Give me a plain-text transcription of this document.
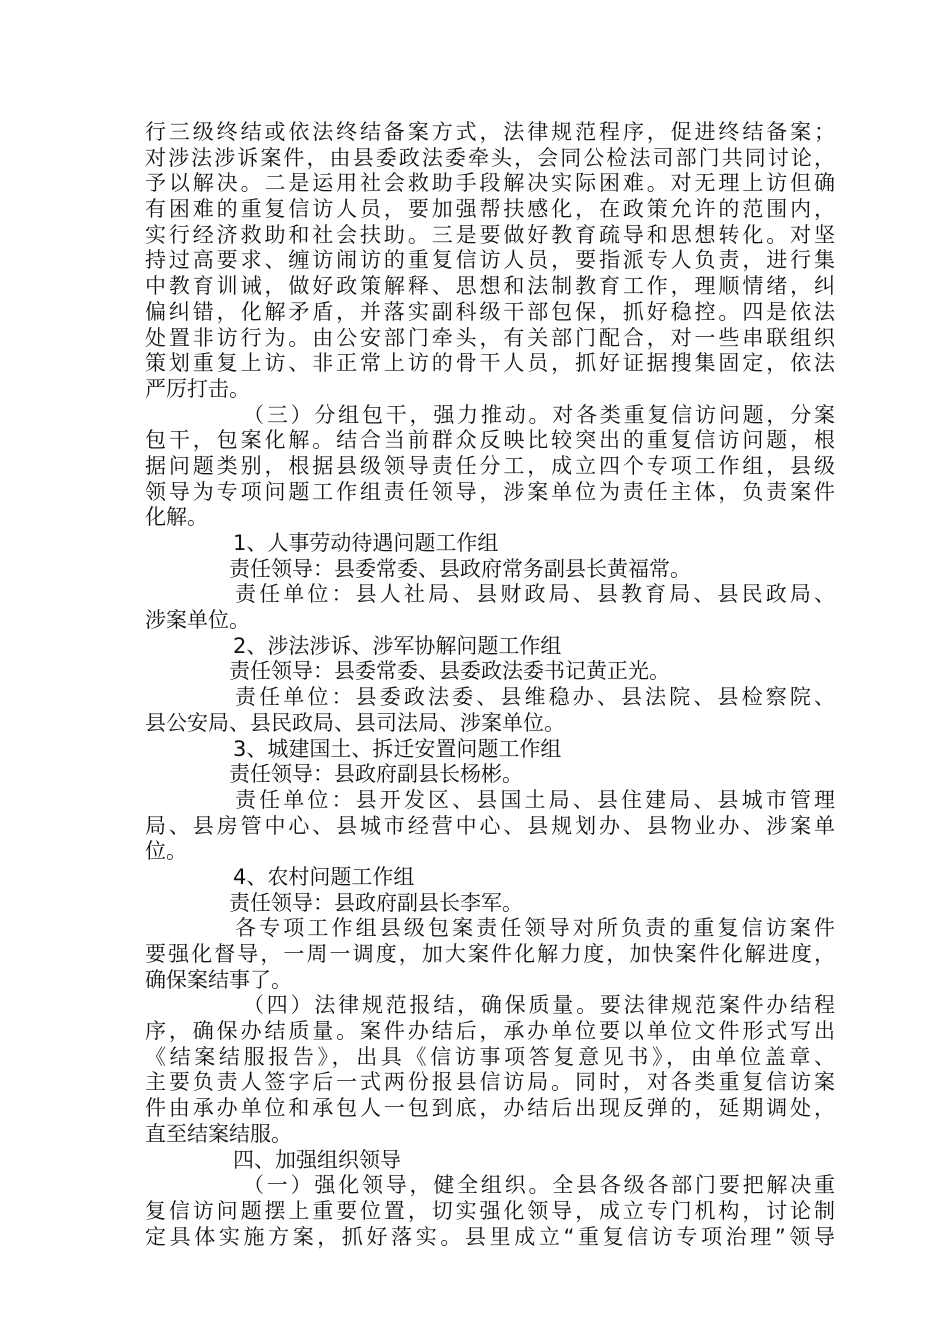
行三级终结或依法终结备案方式，法律规范程序，促进终结备案；
对涉法涉诉案件，由县委政法委牵头，会同公检法司部门共同讨论，
予以解决。二是运用社会救助手段解决实际困难。对无理上访但确
有困难的重复信访人员，要加强帮扶感化，在政策允许的范围内，
实行经济救助和社会扶助。三是要做好教育疏导和思想转化。对坚
持过高要求、缠访闹访的重复信访人员，要指派专人负责，进行集
中教育训诫，做好政策解释、思想和法制教育工作，理顺情绪，纠
偏纠错，化解矛盾，并落实副科级干部包保，抓好稳控。四是依法
处置非访行为。由公安部门牵头，有关部门配合，对一些串联组织
策划重复上访、非正常上访的骨干人员，抓好证据搜集固定，依法
严厉打击。
（三）分组包干，强力推动。对各类重复信访问题，分案
包干，包案化解。结合当前群众反映比较突出的重复信访问题，根
据问题类别，根据县级领导责任分工，成立四个专项工作组，县级
领导为专项问题工作组责任领导，涉案单位为责任主体，负责案件
化解。
1、人事劳动待遇问题工作组
责任领导：县委常委、县政府常务副县长黄福常。
责任单位：县人社局、县财政局、县教育局、县民政局、
涉案单位。
2、涉法涉诉、涉军协解问题工作组
责任领导：县委常委、县委政法委书记黄正光。
责任单位：县委政法委、县维稳办、县法院、县检察院、
县公安局、县民政局、县司法局、涉案单位。
3、城建国土、拆迁安置问题工作组
责任领导：县政府副县长杨彬。
责任单位：县开发区、县国土局、县住建局、县城市管理
局、县房管中心、县城市经营中心、县规划办、县物业办、涉案单
位。
4、农村问题工作组
责任领导：县政府副县长李军。
各专项工作组县级包案责任领导对所负责的重复信访案件
要强化督导，一周一调度，加大案件化解力度，加快案件化解进度，
确保案结事了。
（四）法律规范报结，确保质量。要法律规范案件办结程
序，确保办结质量。案件办结后，承办单位要以单位文件形式写出
《结案结服报告》，出具《信访事项答复意见书》，由单位盖章、
主要负责人签字后一式两份报县信访局。同时，对各类重复信访案
件由承办单位和承包人一包到底，办结后出现反弹的，延期调处，
直至结案结服。
四、加强组织领导
（一）强化领导，健全组织。全县各级各部门要把解决重
复信访问题摆上重要位置，切实强化领导，成立专门机构，讨论制
定具体实施方案，抓好落实。县里成立“重复信访专项治理”领导
